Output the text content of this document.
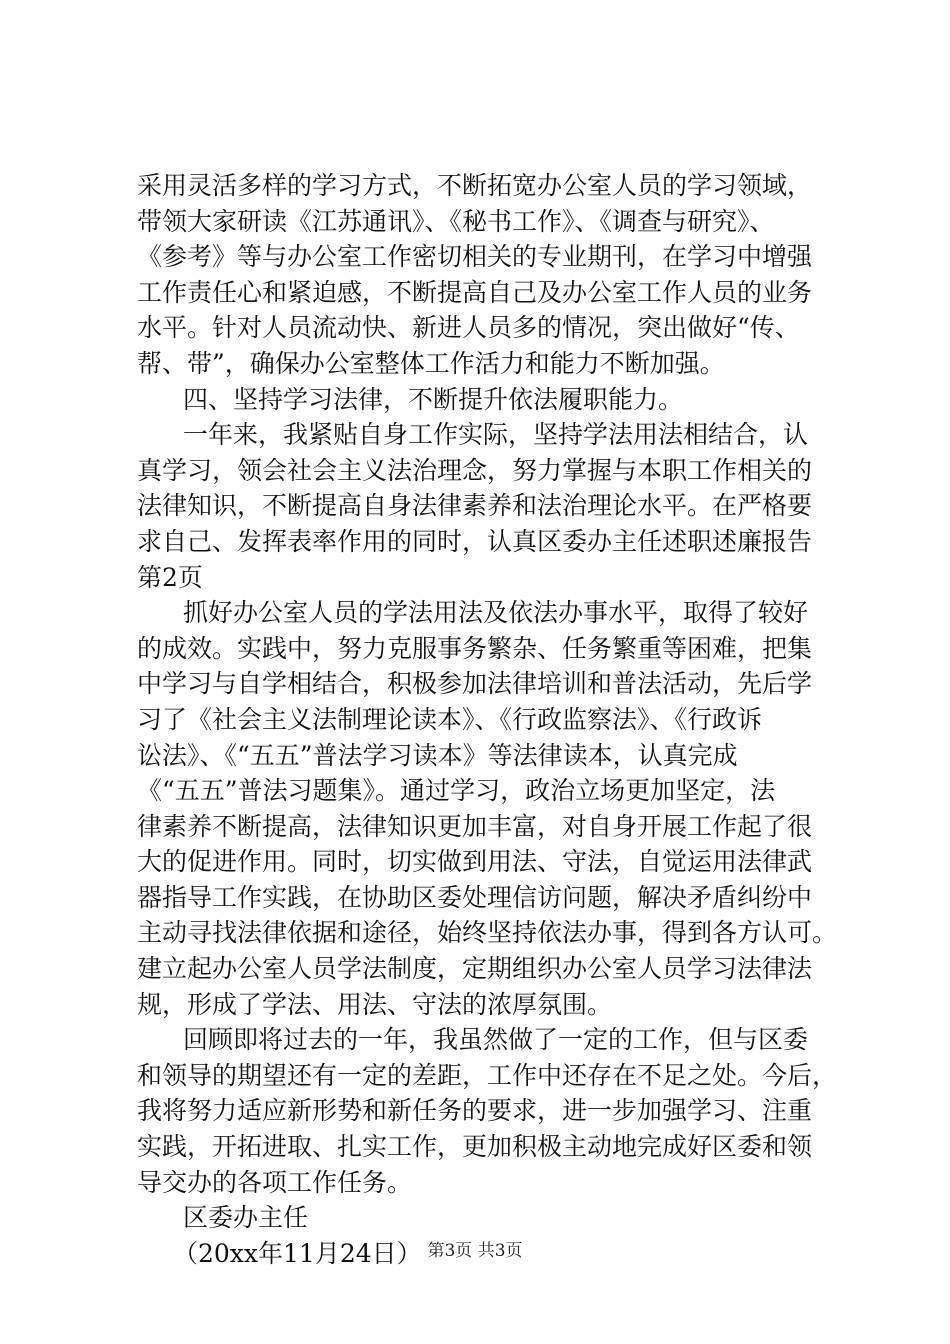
采用灵活多样的学习方式，不断拓宽办公室人员的学习领域，
带领大家研读《江苏通讯》、《秘书工作》、《调查与研究》、
《参考》等与办公室工作密切相关的专业期刊，在学习中增强
工作责任心和紧迫感，不断提高自己及办公室工作人员的业务
水平。针对人员流动快、新进人员多的情况，突出做好“传、
帮、带”，确保办公室整体工作活力和能力不断加强。
四、坚持学习法律，不断提升依法履职能力。
一年来，我紧贴自身工作实际，坚持学法用法相结合，认
真学习，领会社会主义法治理念，努力掌握与本职工作相关的
法律知识，不断提高自身法律素养和法治理论水平。在严格要
求自己、发挥表率作用的同时，认真区委办主任述职述廉报告
第2页
抓好办公室人员的学法用法及依法办事水平，取得了较好
的成效。实践中，努力克服事务繁杂、任务繁重等困难，把集
中学习与自学相结合，积极参加法律培训和普法活动，先后学
习了《社会主义法制理论读本》、《行政监察法》、《行政诉
讼法》、《“五五”普法学习读本》等法律读本，认真完成
《“五五”普法习题集》。通过学习，政治立场更加坚定，法
律素养不断提高，法律知识更加丰富，对自身开展工作起了很
大的促进作用。同时，切实做到用法、守法，自觉运用法律武
器指导工作实践，在协助区委处理信访问题，解决矛盾纠纷中
主动寻找法律依据和途径，始终坚持依法办事，得到各方认可。
建立起办公室人员学法制度，定期组织办公室人员学习法律法
规，形成了学法、用法、守法的浓厚氛围。
回顾即将过去的一年，我虽然做了一定的工作，但与区委
和领导的期望还有一定的差距，工作中还存在不足之处。今后，
我将努力适应新形势和新任务的要求，进一步加强学习、注重
实践，开拓进取、扎实工作，更加积极主动地完成好区委和领
导交办的各项工作任务。
区委办主任
（20xx年11月24日） 第3页 共3页
